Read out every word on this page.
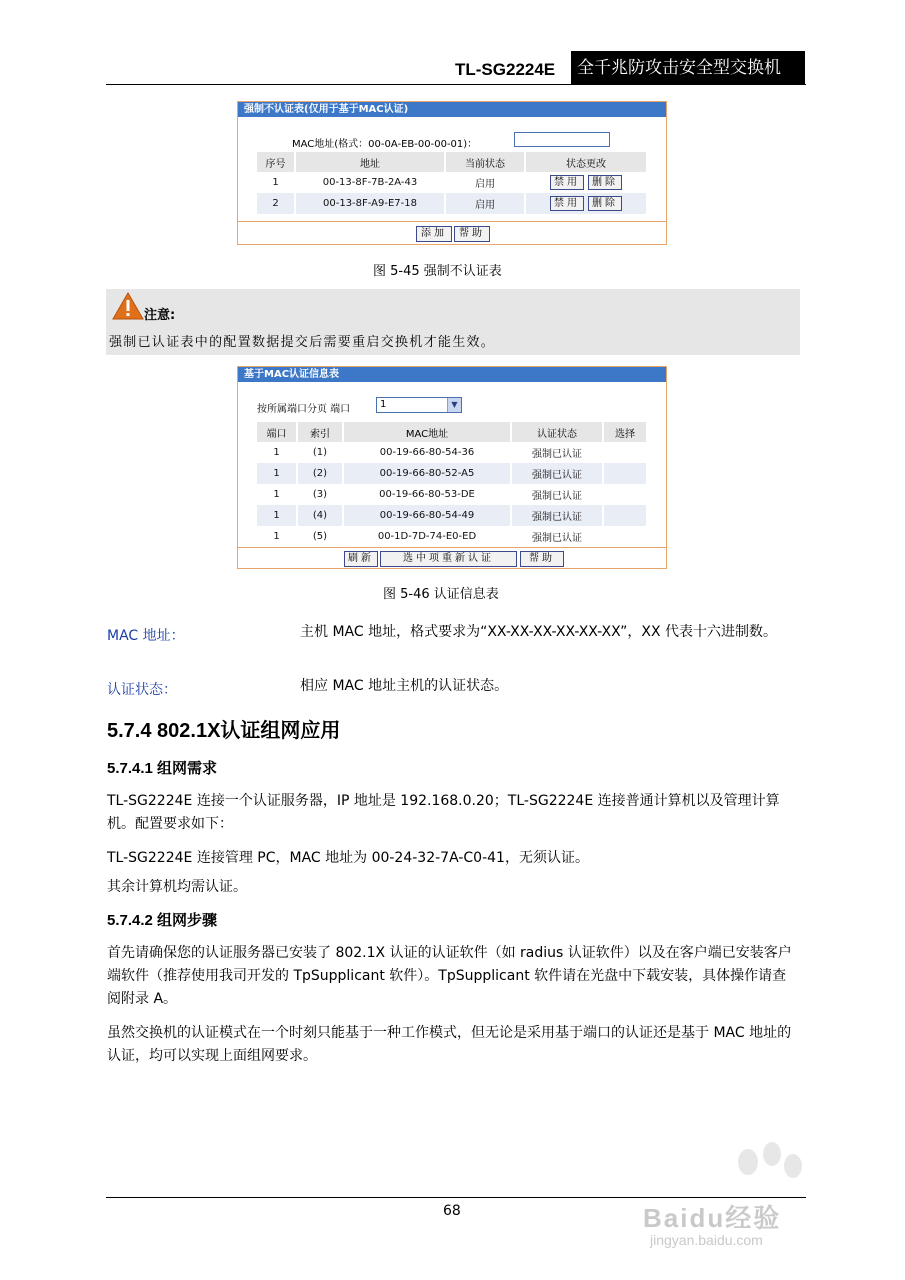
TL-SG2224E	全千兆防攻击安全型交换机
强制不认证表(仅用于基于MAC认证)
MAC地址(格式：00-0A-EB-00-00-01)：
序号	地址	当前状态	状态更改
1	00-13-8F-7B-2A-43	启用	禁用 删除
2	00-13-8F-A9-E7-18	启用	禁用 删除
添加	帮助
图 5-45 强制不认证表
注意:
强制已认证表中的配置数据提交后需要重启交换机才能生效。
基于MAC认证信息表
按所属端口分页 端口	1	▼
端口	索引	MAC地址	认证状态	选择
1	(1)	00-19-66-80-54-36	强制已认证	
1	(2)	00-19-66-80-52-A5	强制已认证	
1	(3)	00-19-66-80-53-DE	强制已认证	
1	(4)	00-19-66-80-54-49	强制已认证	
1	(5)	00-1D-7D-74-E0-ED	强制已认证	
刷新	选中项重新认证	帮助
图 5-46 认证信息表
MAC 地址：	主机 MAC 地址，格式要求为“XX-XX-XX-XX-XX-XX”，XX 代表十六进制数。
认证状态：	相应 MAC 地址主机的认证状态。
5.7.4 802.1X认证组网应用
5.7.4.1 组网需求
TL-SG2224E 连接一个认证服务器，IP 地址是 192.168.0.20；TL-SG2224E 连接普通计算机以及管理计算机。配置要求如下：
TL-SG2224E 连接管理 PC，MAC 地址为 00-24-32-7A-C0-41，无须认证。
其余计算机均需认证。
5.7.4.2 组网步骤
首先请确保您的认证服务器已安装了 802.1X 认证的认证软件（如 radius 认证软件）以及在客户端已安装客户端软件（推荐使用我司开发的 TpSupplicant 软件）。TpSupplicant 软件请在光盘中下载安装，具体操作请查阅附录 A。
虽然交换机的认证模式在一个时刻只能基于一种工作模式，但无论是采用基于端口的认证还是基于 MAC 地址的认证，均可以实现上面组网要求。
68	Baidu经验
jingyan.baidu.com
